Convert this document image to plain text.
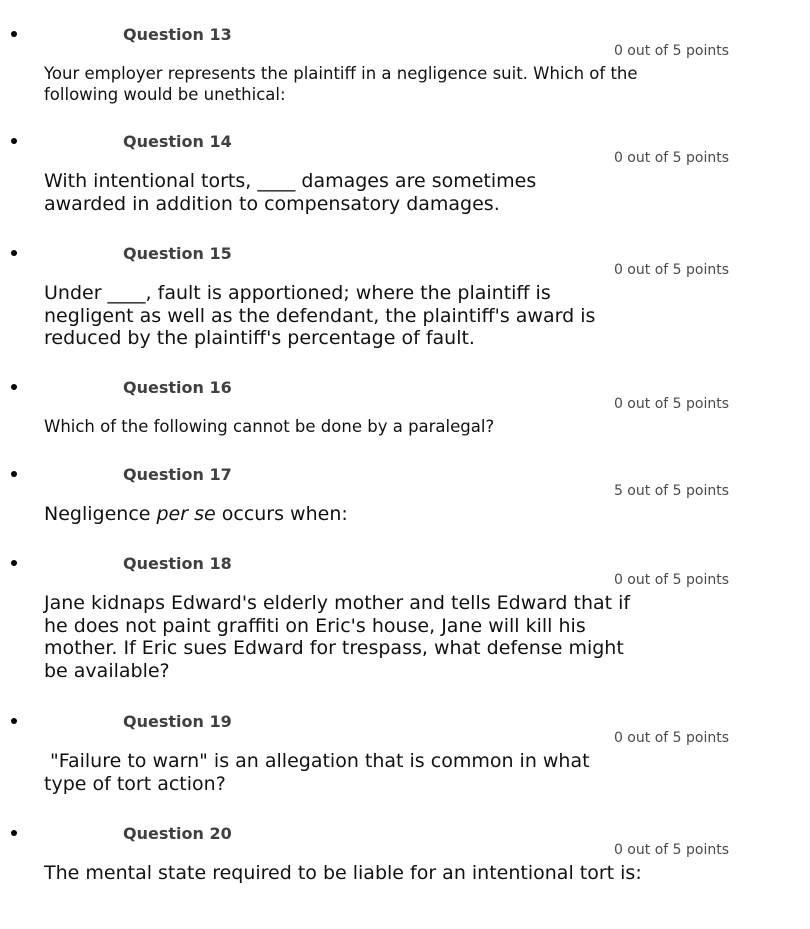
Question 13
0 out of 5 points
Your employer represents the plaintiff in a negligence suit. Which of the following would be unethical:
Question 14
0 out of 5 points
With intentional torts, ____ damages are sometimes awarded in addition to compensatory damages.
Question 15
0 out of 5 points
Under ____, fault is apportioned; where the plaintiff is negligent as well as the defendant, the plaintiff's award is reduced by the plaintiff's percentage of fault.
Question 16
0 out of 5 points
Which of the following cannot be done by a paralegal?
Question 17
5 out of 5 points
Negligence per se occurs when:
Question 18
0 out of 5 points
Jane kidnaps Edward's elderly mother and tells Edward that if he does not paint graffiti on Eric's house, Jane will kill his mother. If Eric sues Edward for trespass, what defense might be available?
Question 19
0 out of 5 points
"Failure to warn" is an allegation that is common in what type of tort action?
Question 20
0 out of 5 points
The mental state required to be liable for an intentional tort is:
